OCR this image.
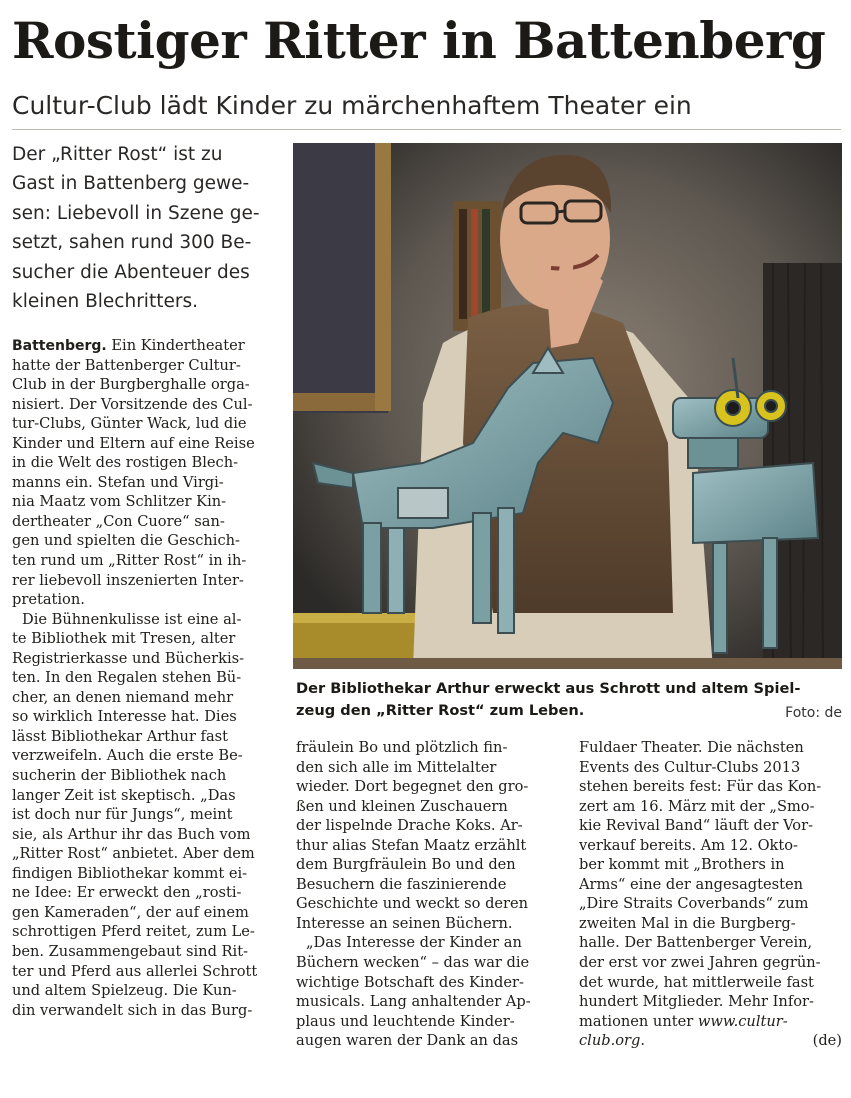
Rostiger Ritter in Battenberg
Cultur-Club lädt Kinder zu märchenhaftem Theater ein
Der „Ritter Rost“ ist zu
Gast in Battenberg gewe-
sen: Liebevoll in Szene ge-
setzt, sahen rund 300 Be-
sucher die Abenteuer des
kleinen Blechritters.
Battenberg. Ein Kindertheater
hatte der Battenberger Cultur-
Club in der Burgberghalle orga-
nisiert. Der Vorsitzende des Cul-
tur-Clubs, Günter Wack, lud die
Kinder und Eltern auf eine Reise
in die Welt des rostigen Blech-
manns ein. Stefan und Virgi-
nia Maatz vom Schlitzer Kin-
dertheater „Con Cuore“ san-
gen und spielten die Geschich-
ten rund um „Ritter Rost“ in ih-
rer liebevoll inszenierten Inter-
pretation.
Die Bühnenkulisse ist eine al-
te Bibliothek mit Tresen, alter
Registrierkasse und Bücherkis-
ten. In den Regalen stehen Bü-
cher, an denen niemand mehr
so wirklich Interesse hat. Dies
lässt Bibliothekar Arthur fast
verzweifeln. Auch die erste Be-
sucherin der Bibliothek nach
langer Zeit ist skeptisch. „Das
ist doch nur für Jungs“, meint
sie, als Arthur ihr das Buch vom
„Ritter Rost“ anbietet. Aber dem
findigen Bibliothekar kommt ei-
ne Idee: Er erweckt den „rosti-
gen Kameraden“, der auf einem
schrottigen Pferd reitet, zum Le-
ben. Zusammengebaut sind Rit-
ter und Pferd aus allerlei Schrott
und altem Spielzeug. Die Kun-
din verwandelt sich in das Burg-
Der Bibliothekar Arthur erweckt aus Schrott und altem Spiel-
zeug den „Ritter Rost“ zum Leben.	Foto: de
fräulein Bo und plötzlich fin-
den sich alle im Mittelalter
wieder. Dort begegnet den gro-
ßen und kleinen Zuschauern
der lispelnde Drache Koks. Ar-
thur alias Stefan Maatz erzählt
dem Burgfräulein Bo und den
Besuchern die faszinierende
Geschichte und weckt so deren
Interesse an seinen Büchern.
„Das Interesse der Kinder an
Büchern wecken“ – das war die
wichtige Botschaft des Kinder-
musicals. Lang anhaltender Ap-
plaus und leuchtende Kinder-
augen waren der Dank an das
Fuldaer Theater. Die nächsten
Events des Cultur-Clubs 2013
stehen bereits fest: Für das Kon-
zert am 16. März mit der „Smo-
kie Revival Band“ läuft der Vor-
verkauf bereits. Am 12. Okto-
ber kommt mit „Brothers in
Arms“ eine der angesagtesten
„Dire Straits Coverbands“ zum
zweiten Mal in die Burgberg-
halle. Der Battenberger Verein,
der erst vor zwei Jahren gegrün-
det wurde, hat mittlerweile fast
hundert Mitglieder. Mehr Infor-
mationen unter www.cultur-
club.org.	(de)
